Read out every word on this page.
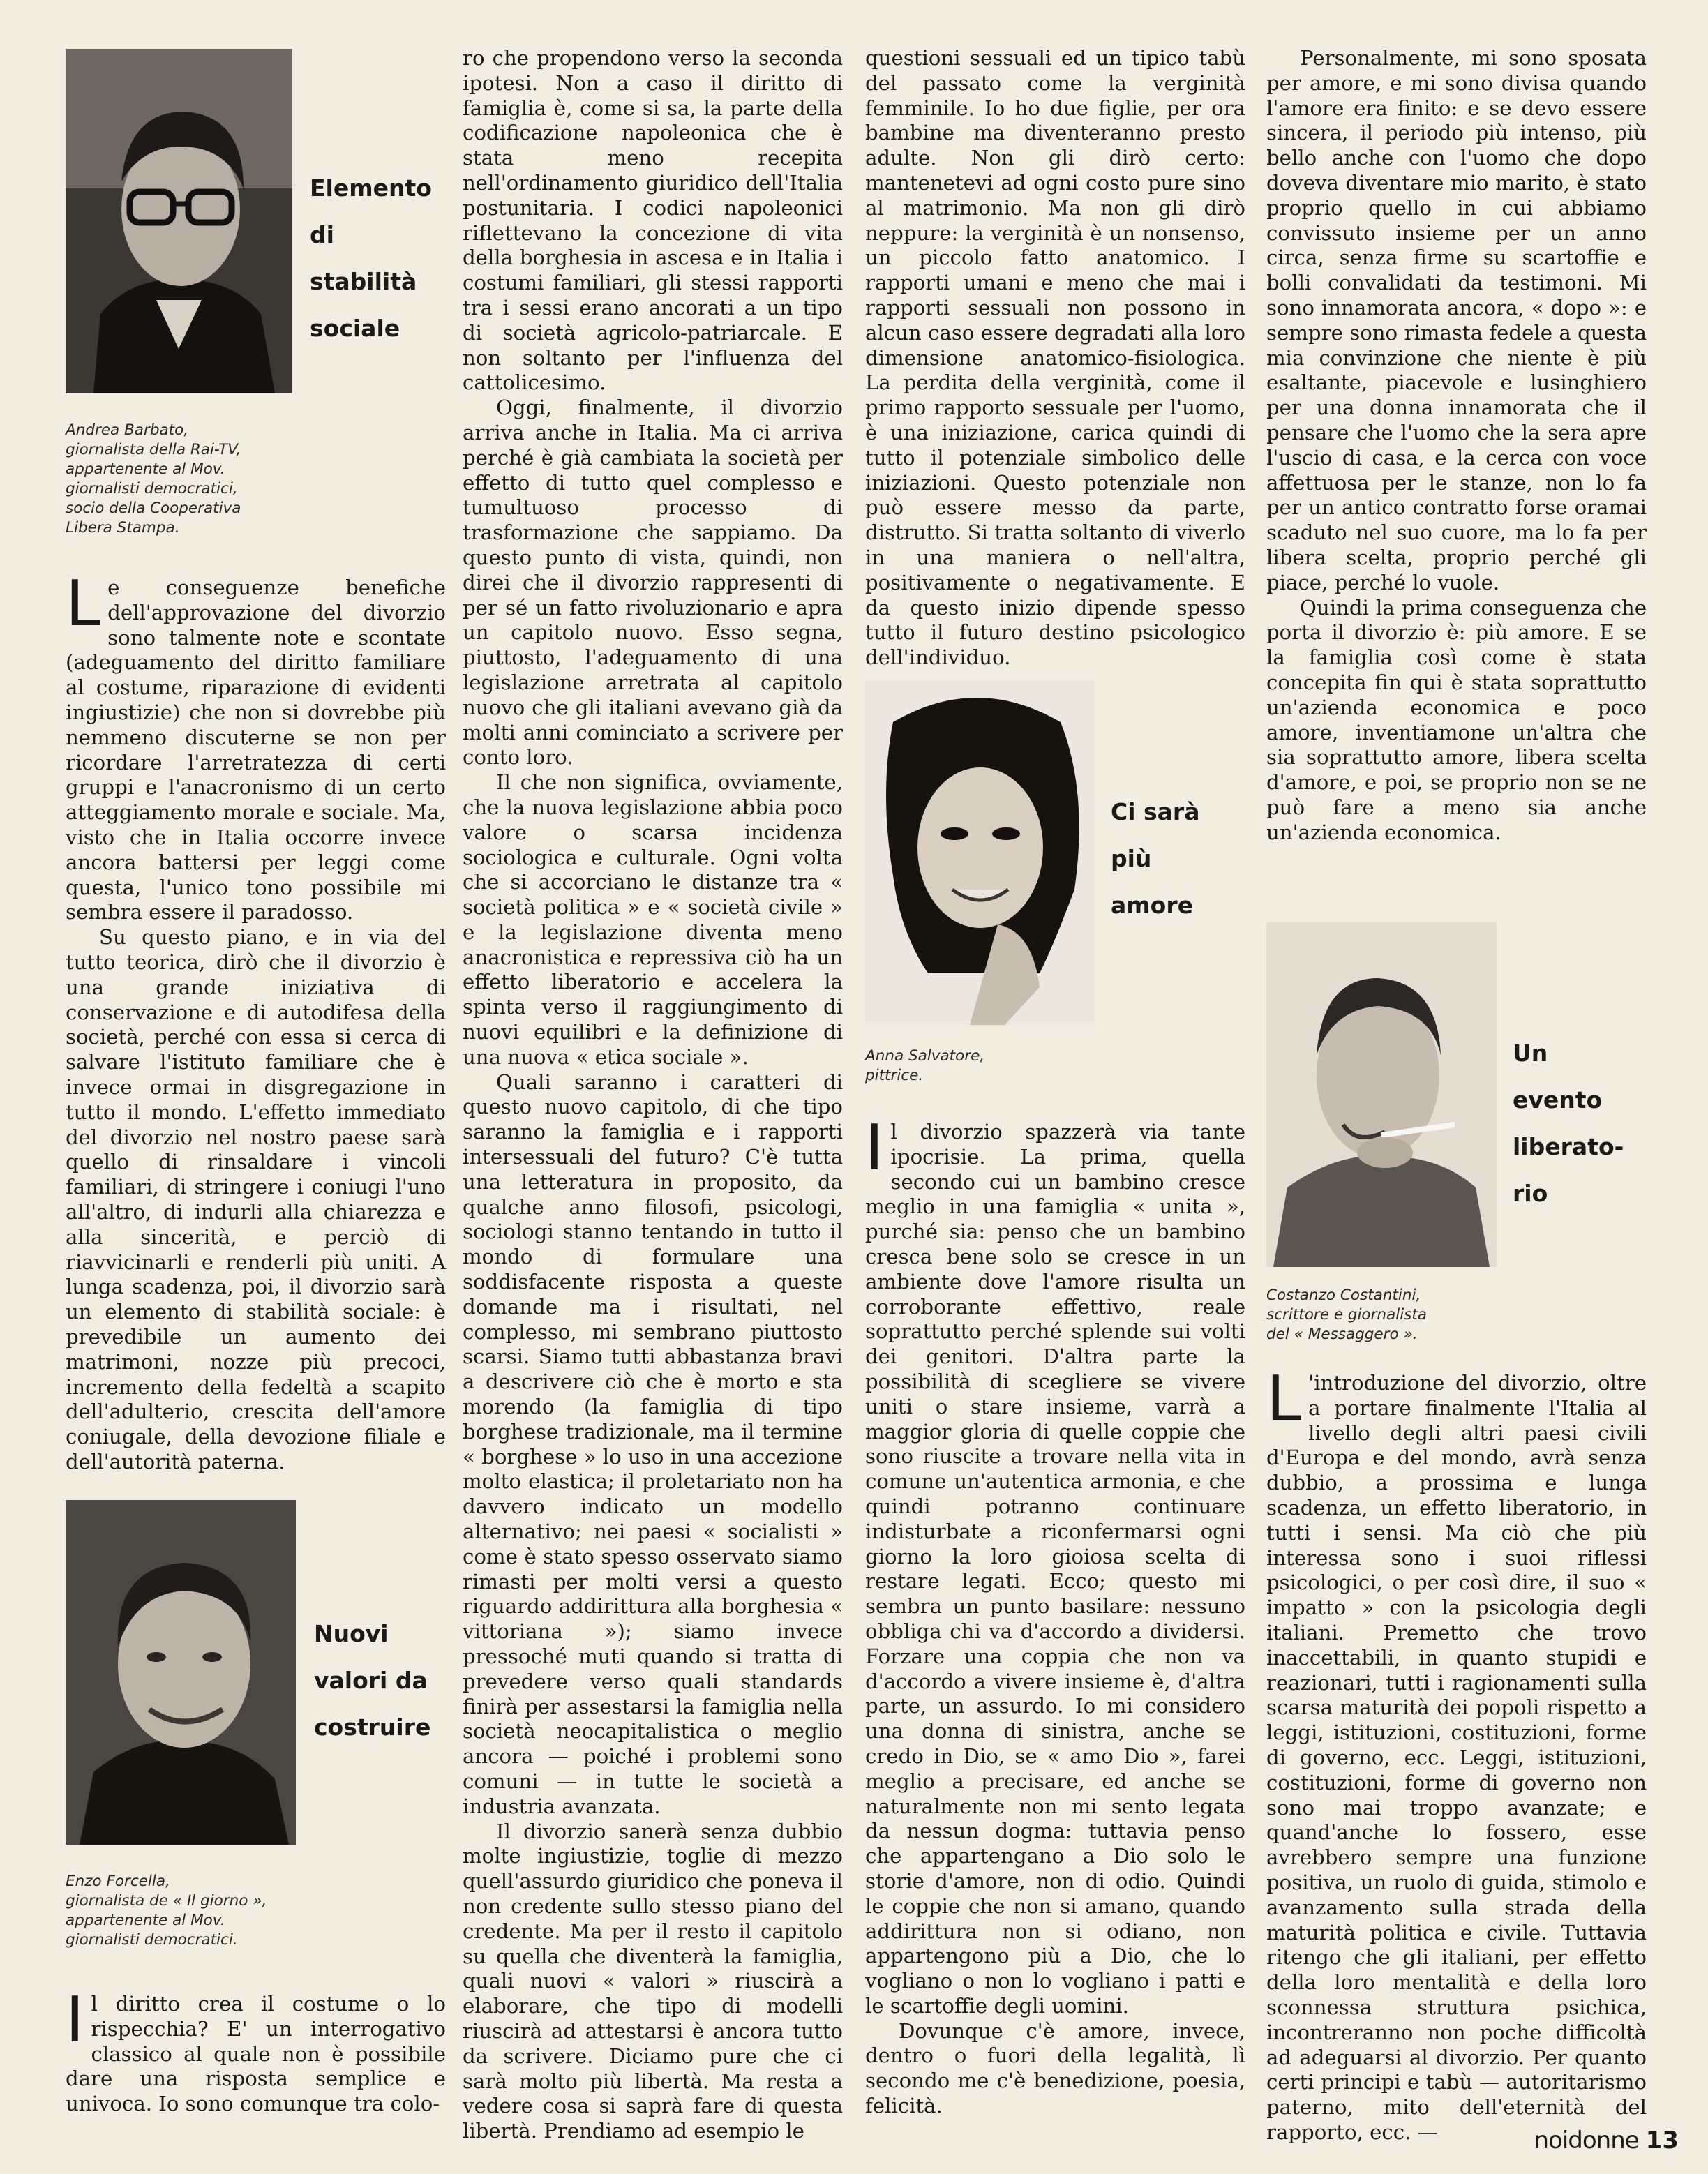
Elemento
di
stabilità
sociale
Andrea Barbato,
giornalista della Rai-TV,
appartenente al Mov.
giornalisti democratici,
socio della Cooperativa
Libera Stampa.

Le conseguenze benefiche dell'approvazione del divorzio sono talmente note e scontate (adeguamento del diritto familiare al costume, riparazione di evidenti ingiustizie) che non si dovrebbe più nemmeno discuterne se non per ricordare l'arretratezza di certi gruppi e l'anacronismo di un certo atteggiamento morale e sociale. Ma, visto che in Italia occorre invece ancora battersi per leggi come questa, l'unico tono possibile mi sembra essere il paradosso.

Su questo piano, e in via del tutto teorica, dirò che il divorzio è una grande iniziativa di conservazione e di autodifesa della società, perché con essa si cerca di salvare l'istituto familiare che è invece ormai in disgregazione in tutto il mondo. L'effetto immediato del divorzio nel nostro paese sarà quello di rinsaldare i vincoli familiari, di stringere i coniugi l'uno all'altro, di indurli alla chiarezza e alla sincerità, e perciò di riavvicinarli e renderli più uniti. A lunga scadenza, poi, il divorzio sarà un elemento di stabilità sociale: è prevedibile un aumento dei matrimoni, nozze più precoci, incremento della fedeltà a scapito dell'adulterio, crescita dell'amore coniugale, della devozione filiale e dell'autorità paterna.

Nuovi
valori da
costruire
Enzo Forcella,
giornalista de « Il giorno »,
appartenente al Mov.
giornalisti democratici.

Il diritto crea il costume o lo rispecchia? E' un interrogativo classico al quale non è possibile dare una risposta semplice e univoca. Io sono comunque tra colo-

ro che propendono verso la seconda ipotesi. Non a caso il diritto di famiglia è, come si sa, la parte della codificazione napoleonica che è stata meno recepita nell'ordinamento giuridico dell'Italia postunitaria. I codici napoleonici riflettevano la concezione di vita della borghesia in ascesa e in Italia i costumi familiari, gli stessi rapporti tra i sessi erano ancorati a un tipo di società agricolo-patriarcale. E non soltanto per l'influenza del cattolicesimo.

Oggi, finalmente, il divorzio arriva anche in Italia. Ma ci arriva perché è già cambiata la società per effetto di tutto quel complesso e tumultuoso processo di trasformazione che sappiamo. Da questo punto di vista, quindi, non direi che il divorzio rappresenti di per sé un fatto rivoluzionario e apra un capitolo nuovo. Esso segna, piuttosto, l'adeguamento di una legislazione arretrata al capitolo nuovo che gli italiani avevano già da molti anni cominciato a scrivere per conto loro.

Il che non significa, ovviamente, che la nuova legislazione abbia poco valore o scarsa incidenza sociologica e culturale. Ogni volta che si accorciano le distanze tra « società politica » e « società civile » e la legislazione diventa meno anacronistica e repressiva ciò ha un effetto liberatorio e accelera la spinta verso il raggiungimento di nuovi equilibri e la definizione di una nuova « etica sociale ».

Quali saranno i caratteri di questo nuovo capitolo, di che tipo saranno la famiglia e i rapporti intersessuali del futuro? C'è tutta una letteratura in proposito, da qualche anno filosofi, psicologi, sociologi stanno tentando in tutto il mondo di formulare una soddisfacente risposta a queste domande ma i risultati, nel complesso, mi sembrano piuttosto scarsi. Siamo tutti abbastanza bravi a descrivere ciò che è morto e sta morendo (la famiglia di tipo borghese tradizionale, ma il termine « borghese » lo uso in una accezione molto elastica; il proletariato non ha davvero indicato un modello alternativo; nei paesi « socialisti » come è stato spesso osservato siamo rimasti per molti versi a questo riguardo addirittura alla borghesia « vittoriana »); siamo invece pressoché muti quando si tratta di prevedere verso quali standards finirà per assestarsi la famiglia nella società neocapitalistica o meglio ancora — poiché i problemi sono comuni — in tutte le società a industria avanzata.

Il divorzio sanerà senza dubbio molte ingiustizie, toglie di mezzo quell'assurdo giuridico che poneva il non credente sullo stesso piano del credente. Ma per il resto il capitolo su quella che diventerà la famiglia, quali nuovi « valori » riuscirà a elaborare, che tipo di modelli riuscirà ad attestarsi è ancora tutto da scrivere. Diciamo pure che ci sarà molto più libertà. Ma resta a vedere cosa si saprà fare di questa libertà. Prendiamo ad esempio le

questioni sessuali ed un tipico tabù del passato come la verginità femminile. Io ho due figlie, per ora bambine ma diventeranno presto adulte. Non gli dirò certo: mantenetevi ad ogni costo pure sino al matrimonio. Ma non gli dirò neppure: la verginità è un nonsenso, un piccolo fatto anatomico. I rapporti umani e meno che mai i rapporti sessuali non possono in alcun caso essere degradati alla loro dimensione anatomico-fisiologica. La perdita della verginità, come il primo rapporto sessuale per l'uomo, è una iniziazione, carica quindi di tutto il potenziale simbolico delle iniziazioni. Questo potenziale non può essere messo da parte, distrutto. Si tratta soltanto di viverlo in una maniera o nell'altra, positivamente o negativamente. E da questo inizio dipende spesso tutto il futuro destino psicologico dell'individuo.

Ci sarà
più
amore
Anna Salvatore,
pittrice.

Il divorzio spazzerà via tante ipocrisie. La prima, quella secondo cui un bambino cresce meglio in una famiglia « unita », purché sia: penso che un bambino cresca bene solo se cresce in un ambiente dove l'amore risulta un corroborante effettivo, reale soprattutto perché splende sui volti dei genitori. D'altra parte la possibilità di scegliere se vivere uniti o stare insieme, varrà a maggior gloria di quelle coppie che sono riuscite a trovare nella vita in comune un'autentica armonia, e che quindi potranno continuare indisturbate a riconfermarsi ogni giorno la loro gioiosa scelta di restare legati. Ecco; questo mi sembra un punto basilare: nessuno obbliga chi va d'accordo a dividersi. Forzare una coppia che non va d'accordo a vivere insieme è, d'altra parte, un assurdo. Io mi considero una donna di sinistra, anche se credo in Dio, se « amo Dio », farei meglio a precisare, ed anche se naturalmente non mi sento legata da nessun dogma: tuttavia penso che appartengano a Dio solo le storie d'amore, non di odio. Quindi le coppie che non si amano, quando addirittura non si odiano, non appartengono più a Dio, che lo vogliano o non lo vogliano i patti e le scartoffie degli uomini.

Dovunque c'è amore, invece, dentro o fuori della legalità, lì secondo me c'è benedizione, poesia, felicità.

Personalmente, mi sono sposata per amore, e mi sono divisa quando l'amore era finito: e se devo essere sincera, il periodo più intenso, più bello anche con l'uomo che dopo doveva diventare mio marito, è stato proprio quello in cui abbiamo convissuto insieme per un anno circa, senza firme su scartoffie e bolli convalidati da testimoni. Mi sono innamorata ancora, « dopo »: e sempre sono rimasta fedele a questa mia convinzione che niente è più esaltante, piacevole e lusinghiero per una donna innamorata che il pensare che l'uomo che la sera apre l'uscio di casa, e la cerca con voce affettuosa per le stanze, non lo fa per un antico contratto forse oramai scaduto nel suo cuore, ma lo fa per libera scelta, proprio perché gli piace, perché lo vuole.

Quindi la prima conseguenza che porta il divorzio è: più amore. E se la famiglia così come è stata concepita fin qui è stata soprattutto un'azienda economica e poco amore, inventiamone un'altra che sia soprattutto amore, libera scelta d'amore, e poi, se proprio non se ne può fare a meno sia anche un'azienda economica.

Un
evento
liberato-
rio
Costanzo Costantini,
scrittore e giornalista
del « Messaggero ».

L 'introduzione del divorzio, oltre a portare finalmente l'Italia al livello degli altri paesi civili d'Europa e del mondo, avrà senza dubbio, a prossima e lunga scadenza, un effetto liberatorio, in tutti i sensi. Ma ciò che più interessa sono i suoi riflessi psicologici, o per così dire, il suo « impatto » con la psicologia degli italiani. Premetto che trovo inaccettabili, in quanto stupidi e reazionari, tutti i ragionamenti sulla scarsa maturità dei popoli rispetto a leggi, istituzioni, costituzioni, forme di governo, ecc. Leggi, istituzioni, costituzioni, forme di governo non sono mai troppo avanzate; e quand'anche lo fossero, esse avrebbero sempre una funzione positiva, un ruolo di guida, stimolo e avanzamento sulla strada della maturità politica e civile. Tuttavia ritengo che gli italiani, per effetto della loro mentalità e della loro sconnessa struttura psichica, incontreranno non poche difficoltà ad adeguarsi al divorzio. Per quanto certi principi e tabù — autoritarismo paterno, mito dell'eternità del rapporto, ecc. —	noidonne 13
